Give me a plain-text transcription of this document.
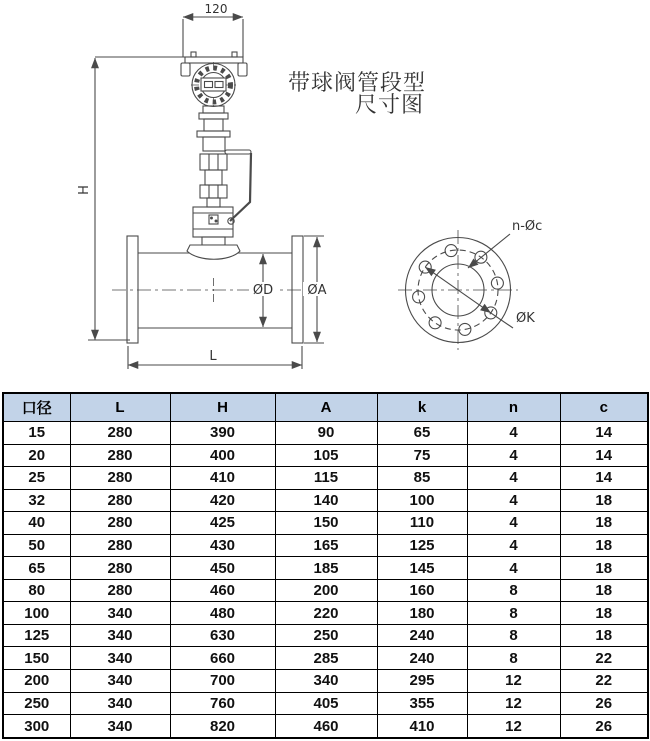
120
H
ØD	ØA
L
n-Øc
ØK
带球阀管段型
尺寸图
口径	L	H	A	k	n	c
15	280	390	90	65	4	14
20	280	400	105	75	4	14
25	280	410	115	85	4	14
32	280	420	140	100	4	18
40	280	425	150	110	4	18
50	280	430	165	125	4	18
65	280	450	185	145	4	18
80	280	460	200	160	8	18
100	340	480	220	180	8	18
125	340	630	250	240	8	18
150	340	660	285	240	8	22
200	340	700	340	295	12	22
250	340	760	405	355	12	26
300	340	820	460	410	12	26
